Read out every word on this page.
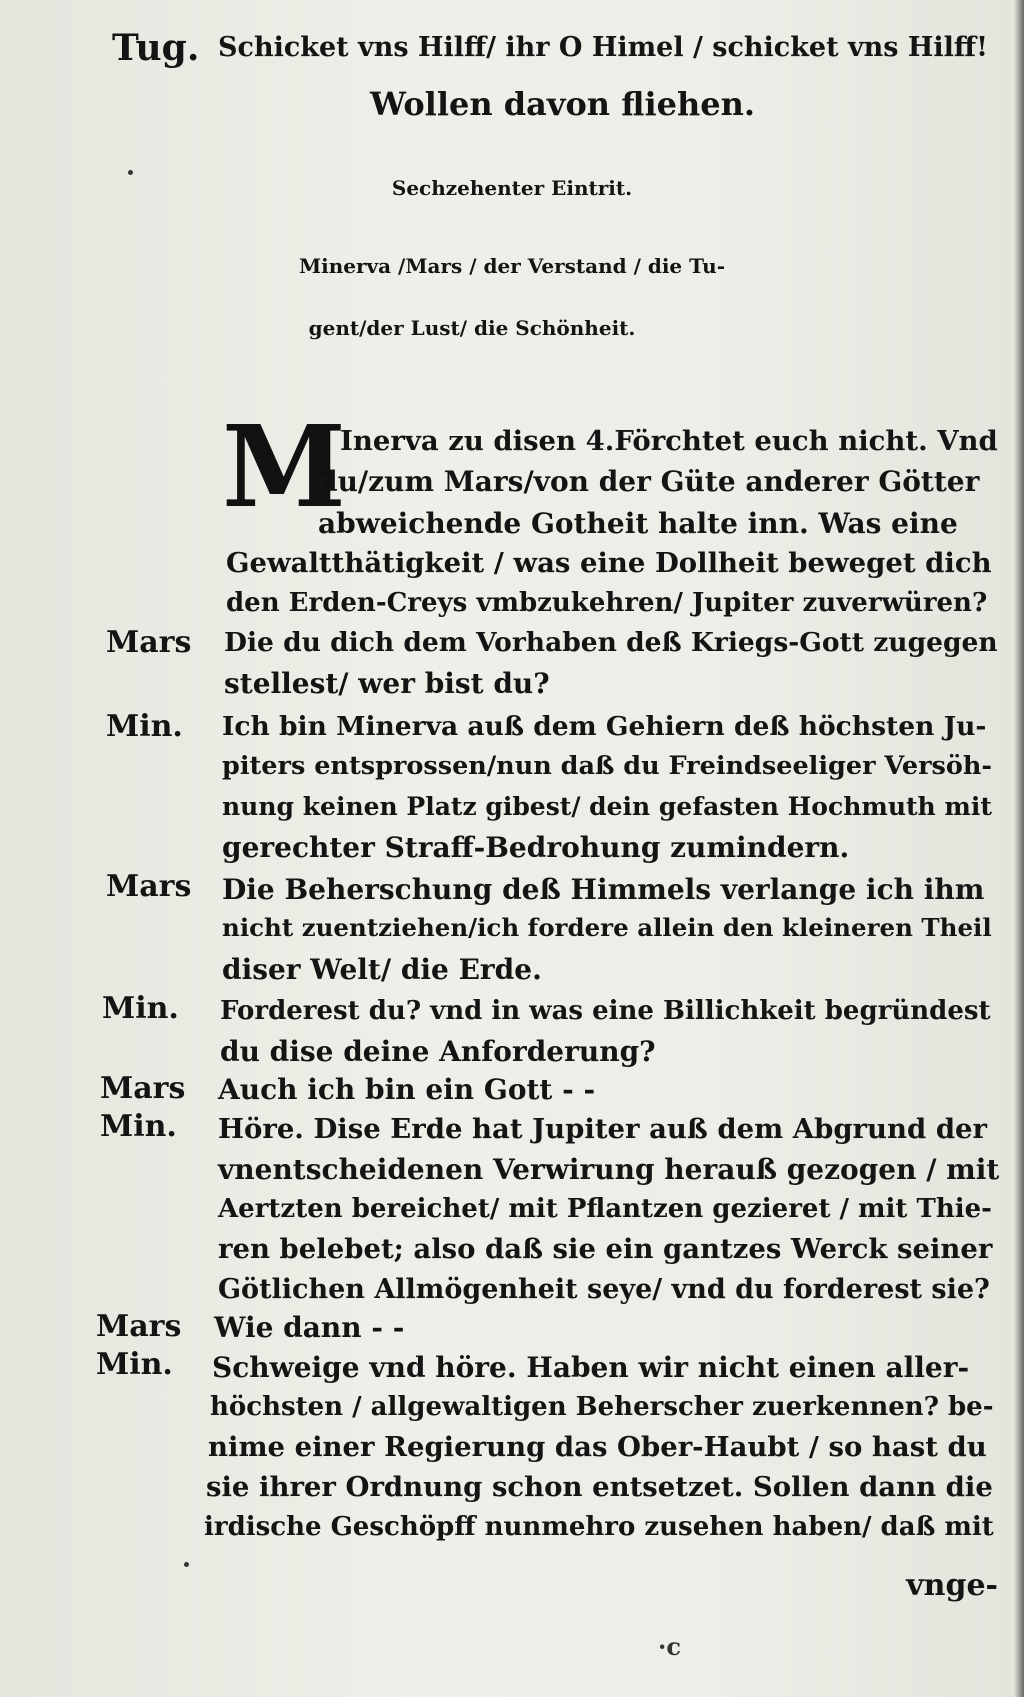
Tug. Schicket vns Hilff/ ihr O Himel / schicket vns Hilff!
Wollen davon fliehen.
Sechzehenter Eintrit.
Minerva /Mars / der Verstand / die Tu-
gent/der Lust/ die Schönheit.
M
Inerva zu disen 4.Förchtet euch nicht. Vnd
du/zum Mars/von der Güte anderer Götter
abweichende Gotheit halte inn. Was eine
Gewaltthätigkeit / was eine Dollheit beweget dich
den Erden-Creys vmbzukehren/ Jupiter zuverwüren?
Mars Die du dich dem Vorhaben deß Kriegs-Gott zugegen
stellest/ wer bist du?
Min. Ich bin Minerva auß dem Gehiern deß höchsten Ju-
piters entsprossen/nun daß du Freindseeliger Versöh-
nung keinen Platz gibest/ dein gefasten Hochmuth mit
gerechter Straff-Bedrohung zumindern.
Mars Die Beherschung deß Himmels verlange ich ihm
nicht zuentziehen/ich fordere allein den kleineren Theil
diser Welt/ die Erde.
Min. Forderest du? vnd in was eine Billichkeit begründest
du dise deine Anforderung?
Mars Auch ich bin ein Gott - -
Min. Höre. Dise Erde hat Jupiter auß dem Abgrund der
vnentscheidenen Verwirung herauß gezogen / mit
Aertzten bereichet/ mit Pflantzen gezieret / mit Thie-
ren belebet; also daß sie ein gantzes Werck seiner
Götlichen Allmögenheit seye/ vnd du forderest sie?
Mars Wie dann - -
Min. Schweige vnd höre. Haben wir nicht einen aller-
höchsten / allgewaltigen Beherscher zuerkennen? be-
nime einer Regierung das Ober-Haubt / so hast du
sie ihrer Ordnung schon entsetzet. Sollen dann die
irdische Geschöpff nunmehro zusehen haben/ daß mit
vnge-
·c
